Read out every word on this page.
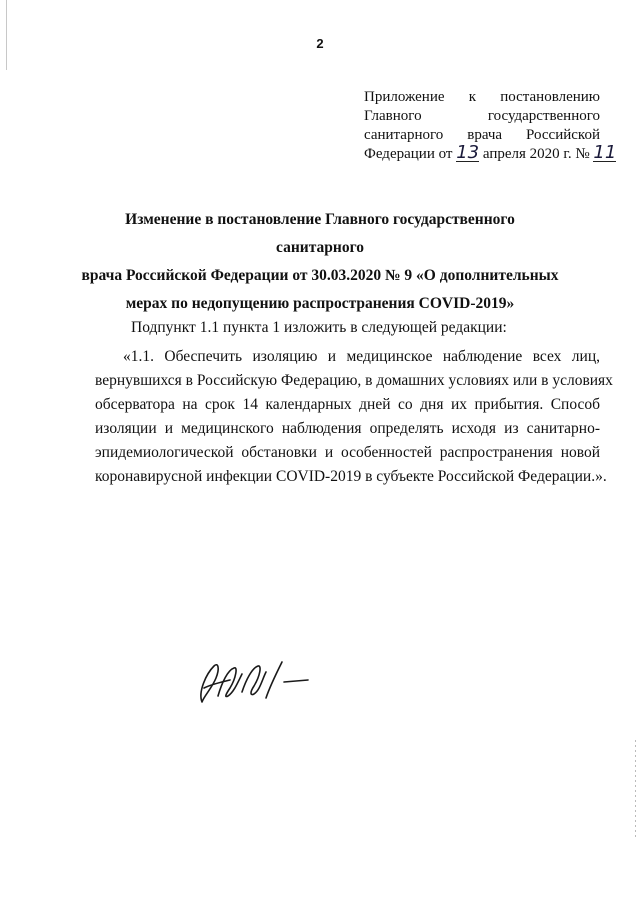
2
Приложение к постановлению
Главного	государственного
санитарного врача Российской
Федерации от 13 апреля 2020 г. № 11
Изменение в постановление Главного государственного санитарного
врача Российской Федерации от 30.03.2020 № 9 «О дополнительных
мерах по недопущению распространения COVID-2019»
Подпункт 1.1 пункта 1 изложить в следующей редакции:
«1.1. Обеспечить изоляцию и медицинское наблюдение всех лиц,
вернувшихся в Российскую Федерацию, в домашних условиях или в условиях
обсерватора на срок 14 календарных дней со дня их прибытия. Способ
изоляции и медицинского наблюдения определять исходя из санитарно-
эпидемиологической обстановки и особенностей распространения новой
коронавирусной инфекции COVID-2019 в субъекте Российской Федерации.».
